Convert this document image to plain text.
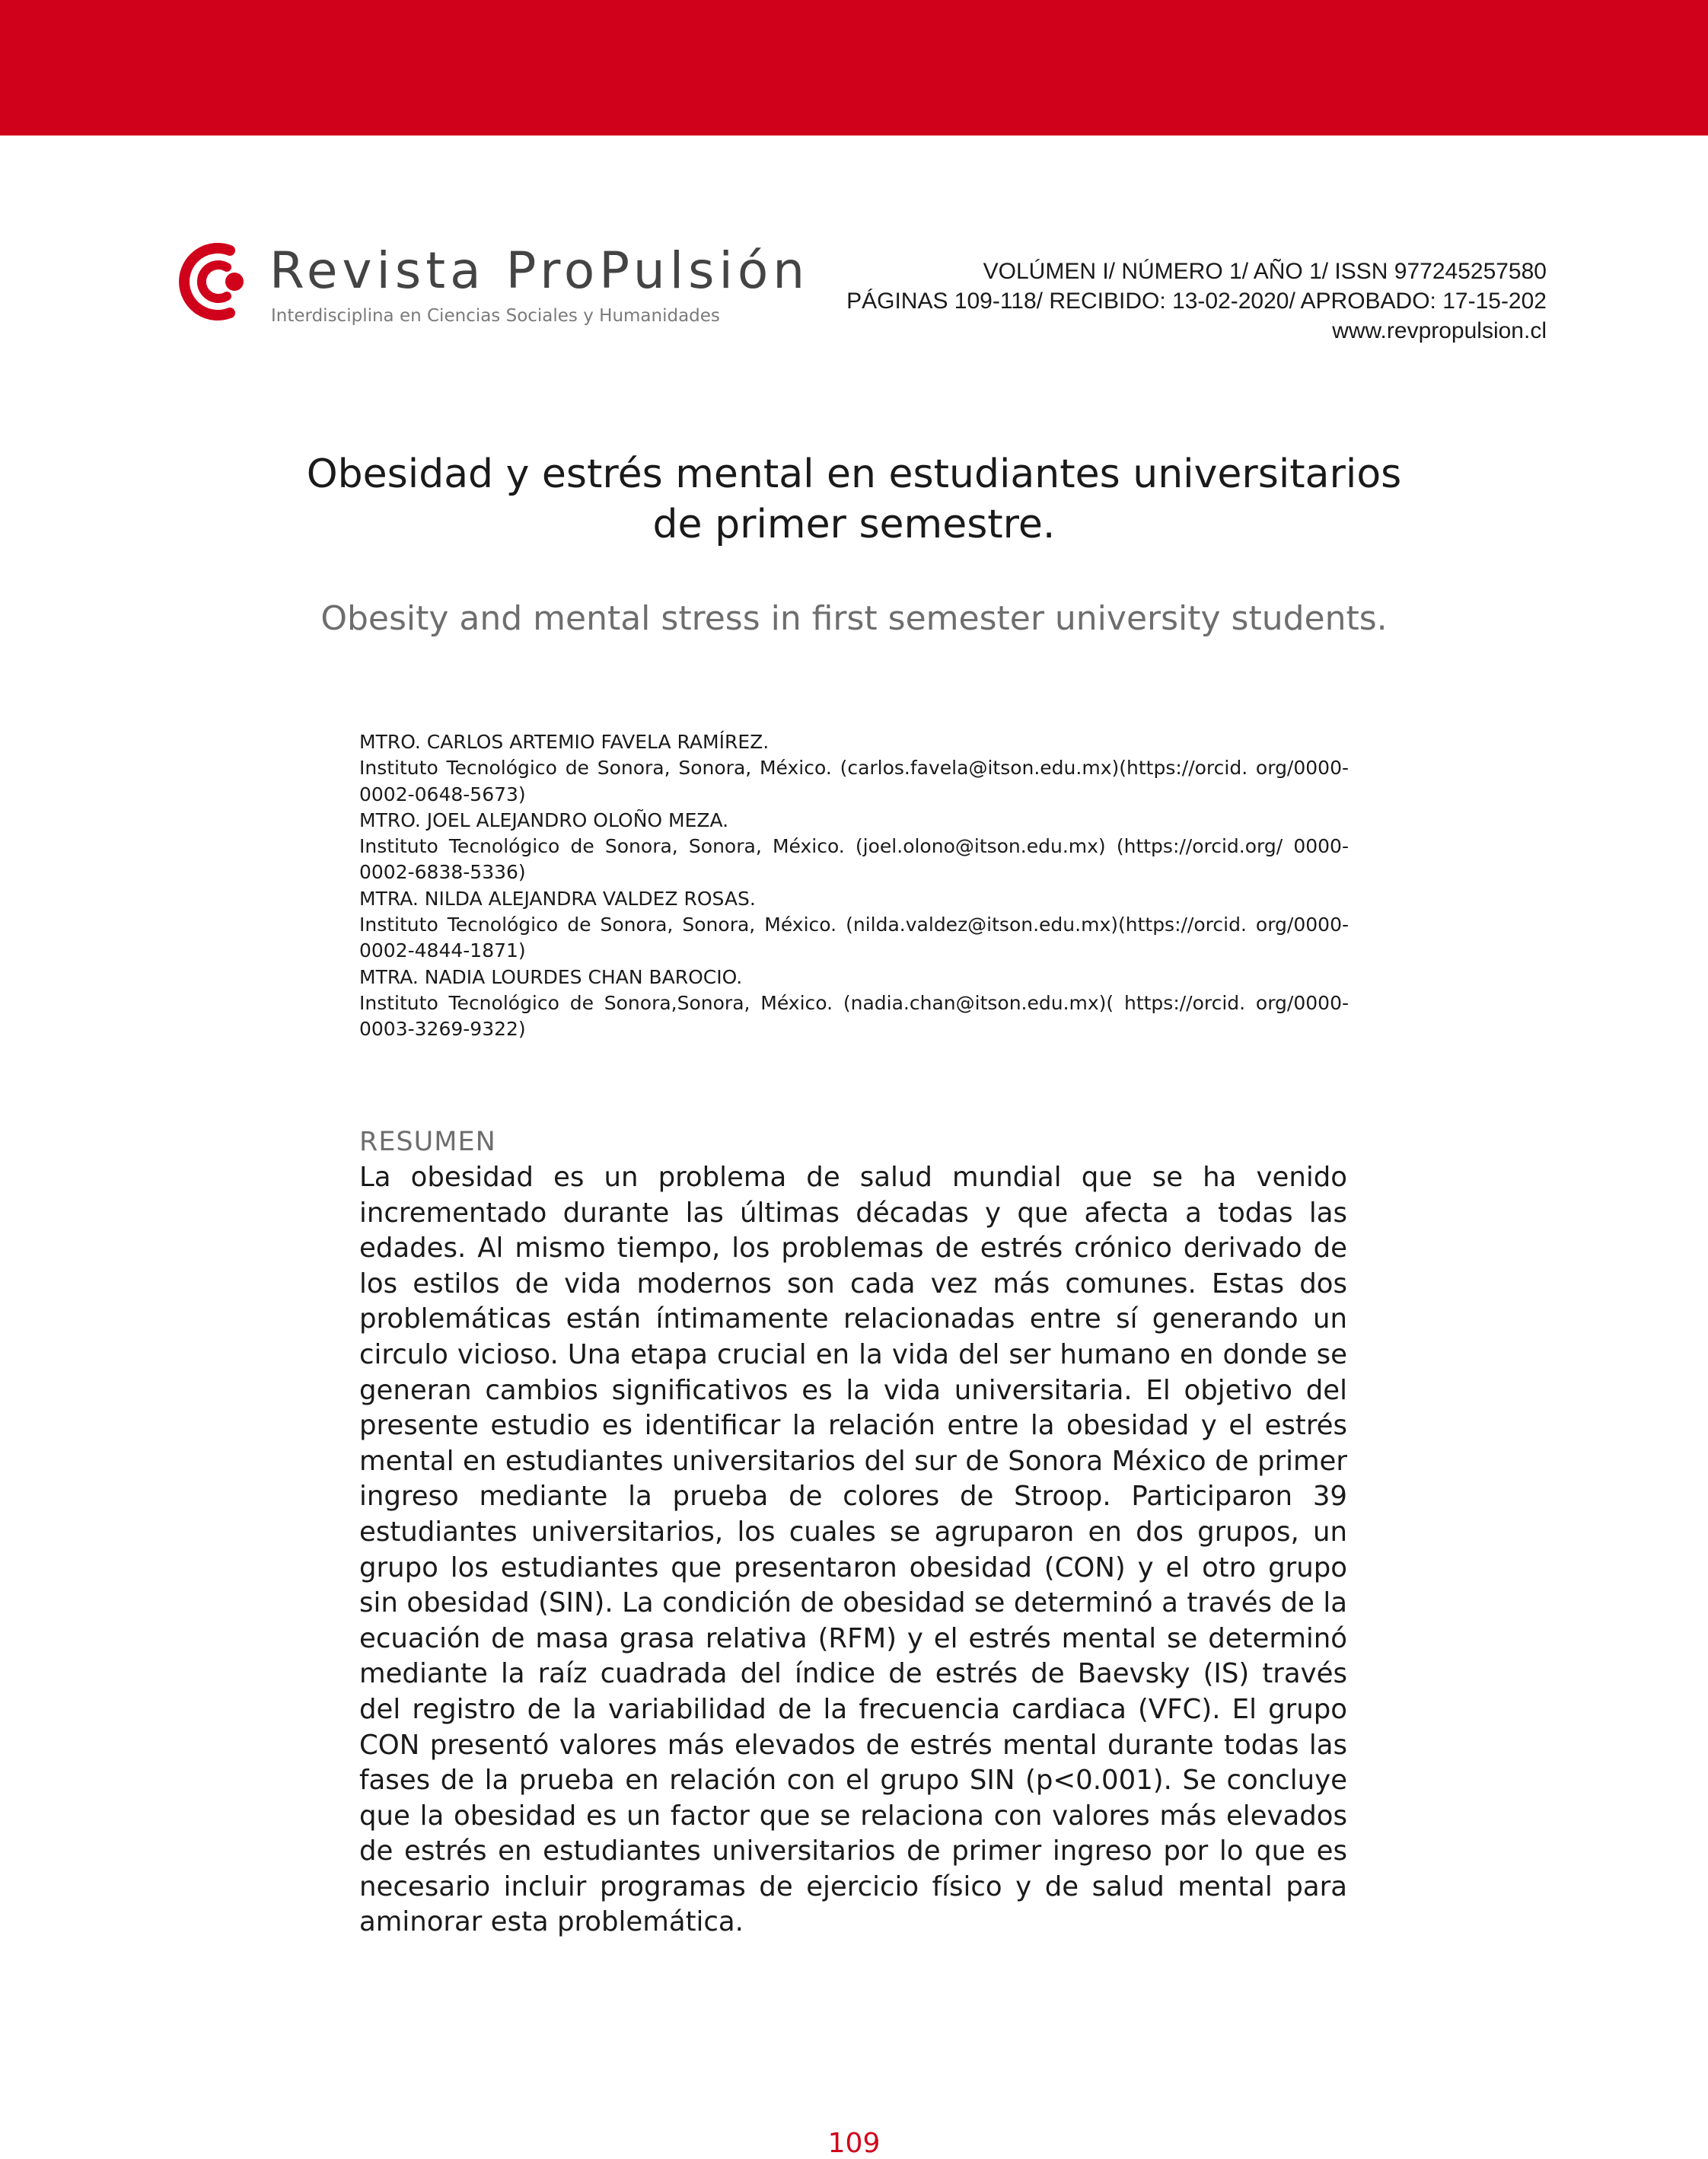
Revista ProPulsión
Interdisciplina en Ciencias Sociales y Humanidades
VOLÚMEN I/ NÚMERO 1/ AÑO 1/ ISSN 977245257580
PÁGINAS 109-118/ RECIBIDO: 13-02-2020/ APROBADO: 17-15-202
www.revpropulsion.cl
Obesidad y estrés mental en estudiantes universitarios
de primer semestre.
Obesity and mental stress in first semester university students.
MTRO. CARLOS ARTEMIO FAVELA RAMÍREZ.
Instituto Tecnológico de Sonora, Sonora, México. (carlos.favela@itson.edu.mx)(https://orcid. org/0000-0002-0648-5673)
MTRO. JOEL ALEJANDRO OLOÑO MEZA.
Instituto Tecnológico de Sonora, Sonora, México. (joel.olono@itson.edu.mx) (https://orcid.org/ 0000-0002-6838-5336)
MTRA. NILDA ALEJANDRA VALDEZ ROSAS.
Instituto Tecnológico de Sonora, Sonora, México. (nilda.valdez@itson.edu.mx)(https://orcid. org/0000-0002-4844-1871)
MTRA. NADIA LOURDES CHAN BAROCIO.
Instituto Tecnológico de Sonora,Sonora, México. (nadia.chan@itson.edu.mx)( https://orcid. org/0000-0003-3269-9322)
RESUMEN
La obesidad es un problema de salud mundial que se ha venido incrementado durante las últimas décadas y que afecta a todas las edades. Al mismo tiempo, los problemas de estrés crónico derivado de los estilos de vida modernos son cada vez más comunes. Estas dos problemáticas están íntimamente relacionadas entre sí generando un circulo vicioso. Una etapa crucial en la vida del ser humano en donde se generan cambios significativos es la vida universitaria. El objetivo del presente estudio es identificar la relación entre la obesidad y el estrés mental en estudiantes universitarios del sur de Sonora México de primer ingreso mediante la prueba de colores de Stroop. Participaron 39 estudiantes universitarios, los cuales se agruparon en dos grupos, un grupo los estudiantes que presentaron obesidad (CON) y el otro grupo sin obesidad (SIN). La condición de obesidad se determinó a través de la ecuación de masa grasa relativa (RFM) y el estrés mental se determinó mediante la raíz cuadrada del índice de estrés de Baevsky (IS) través del registro de la variabilidad de la frecuencia cardiaca (VFC). El grupo CON presentó valores más elevados de estrés mental durante todas las fases de la prueba en relación con el grupo SIN (p<0.001). Se concluye que la obesidad es un factor que se relaciona con valores más elevados de estrés en estudiantes universitarios de primer ingreso por lo que es necesario incluir programas de ejercicio físico y de salud mental para aminorar esta problemática.
109
